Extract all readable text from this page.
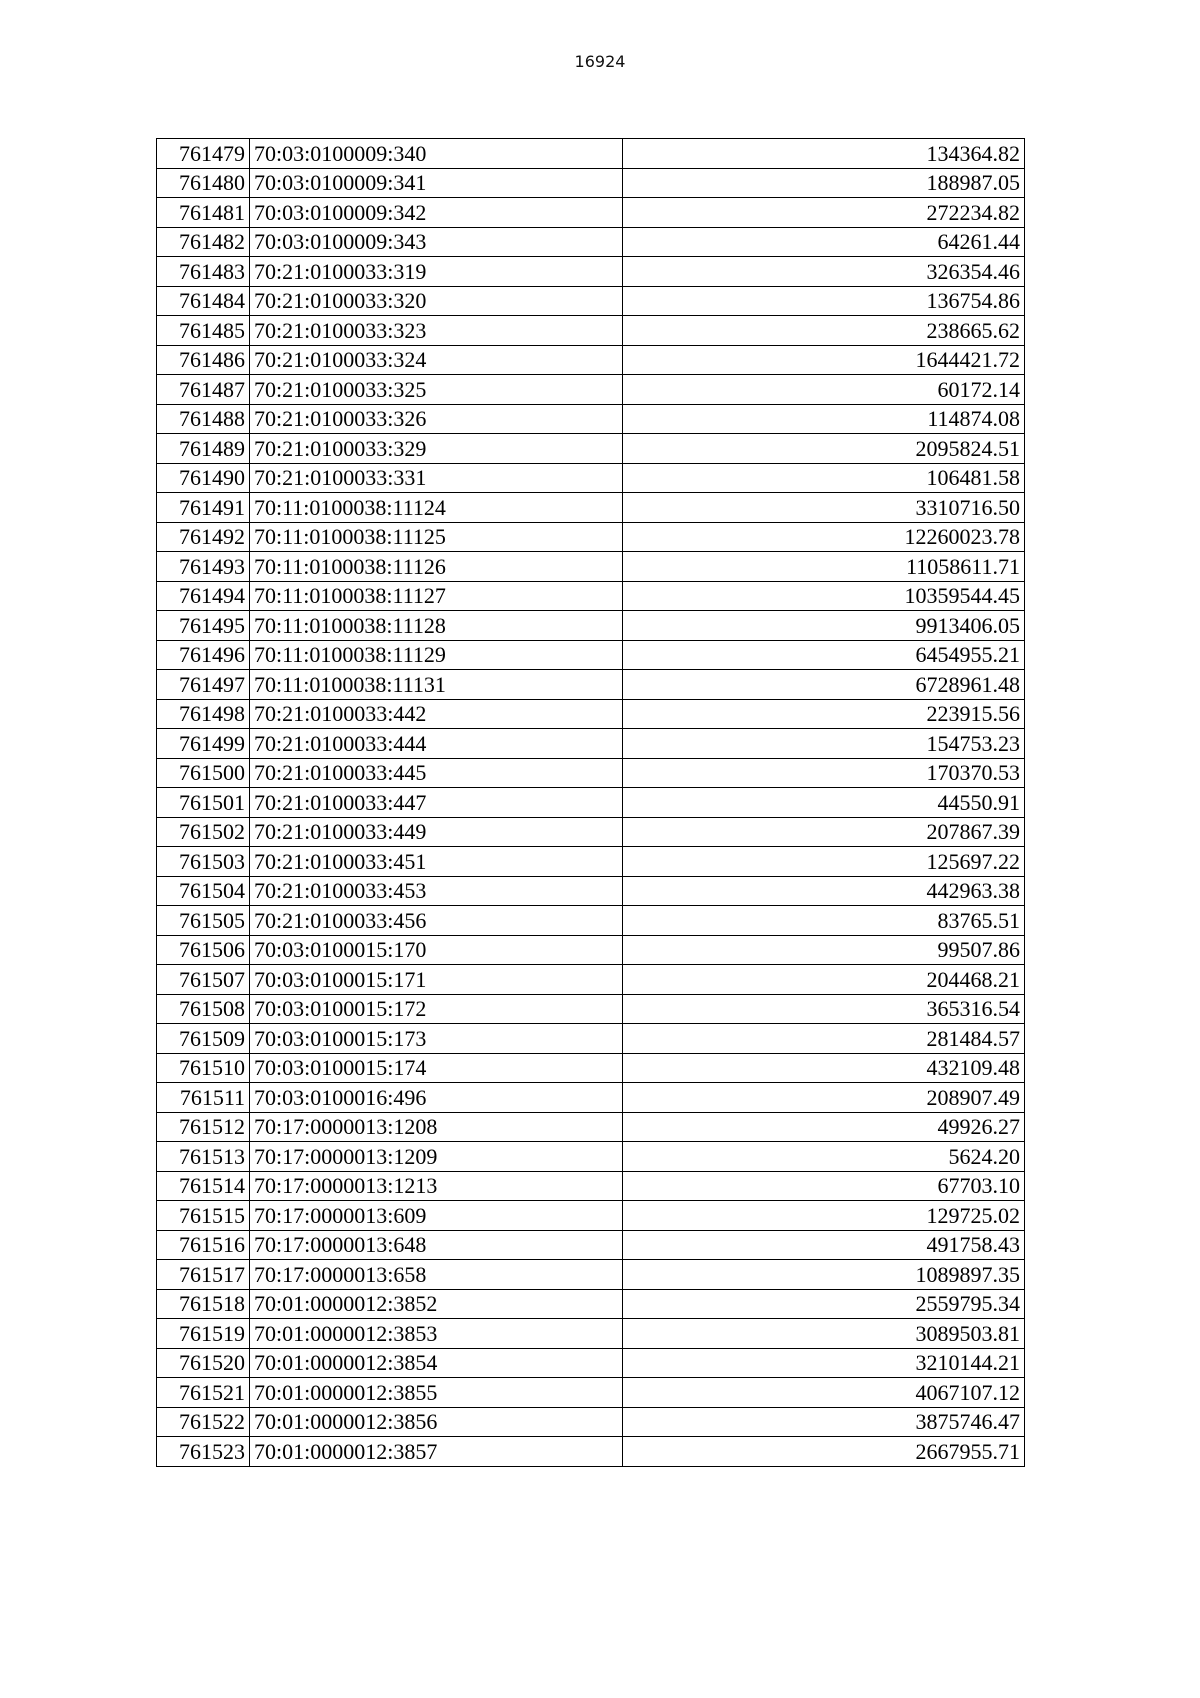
16924
761479	70:03:0100009:340	134364.82
761480	70:03:0100009:341	188987.05
761481	70:03:0100009:342	272234.82
761482	70:03:0100009:343	64261.44
761483	70:21:0100033:319	326354.46
761484	70:21:0100033:320	136754.86
761485	70:21:0100033:323	238665.62
761486	70:21:0100033:324	1644421.72
761487	70:21:0100033:325	60172.14
761488	70:21:0100033:326	114874.08
761489	70:21:0100033:329	2095824.51
761490	70:21:0100033:331	106481.58
761491	70:11:0100038:11124	3310716.50
761492	70:11:0100038:11125	12260023.78
761493	70:11:0100038:11126	11058611.71
761494	70:11:0100038:11127	10359544.45
761495	70:11:0100038:11128	9913406.05
761496	70:11:0100038:11129	6454955.21
761497	70:11:0100038:11131	6728961.48
761498	70:21:0100033:442	223915.56
761499	70:21:0100033:444	154753.23
761500	70:21:0100033:445	170370.53
761501	70:21:0100033:447	44550.91
761502	70:21:0100033:449	207867.39
761503	70:21:0100033:451	125697.22
761504	70:21:0100033:453	442963.38
761505	70:21:0100033:456	83765.51
761506	70:03:0100015:170	99507.86
761507	70:03:0100015:171	204468.21
761508	70:03:0100015:172	365316.54
761509	70:03:0100015:173	281484.57
761510	70:03:0100015:174	432109.48
761511	70:03:0100016:496	208907.49
761512	70:17:0000013:1208	49926.27
761513	70:17:0000013:1209	5624.20
761514	70:17:0000013:1213	67703.10
761515	70:17:0000013:609	129725.02
761516	70:17:0000013:648	491758.43
761517	70:17:0000013:658	1089897.35
761518	70:01:0000012:3852	2559795.34
761519	70:01:0000012:3853	3089503.81
761520	70:01:0000012:3854	3210144.21
761521	70:01:0000012:3855	4067107.12
761522	70:01:0000012:3856	3875746.47
761523	70:01:0000012:3857	2667955.71
